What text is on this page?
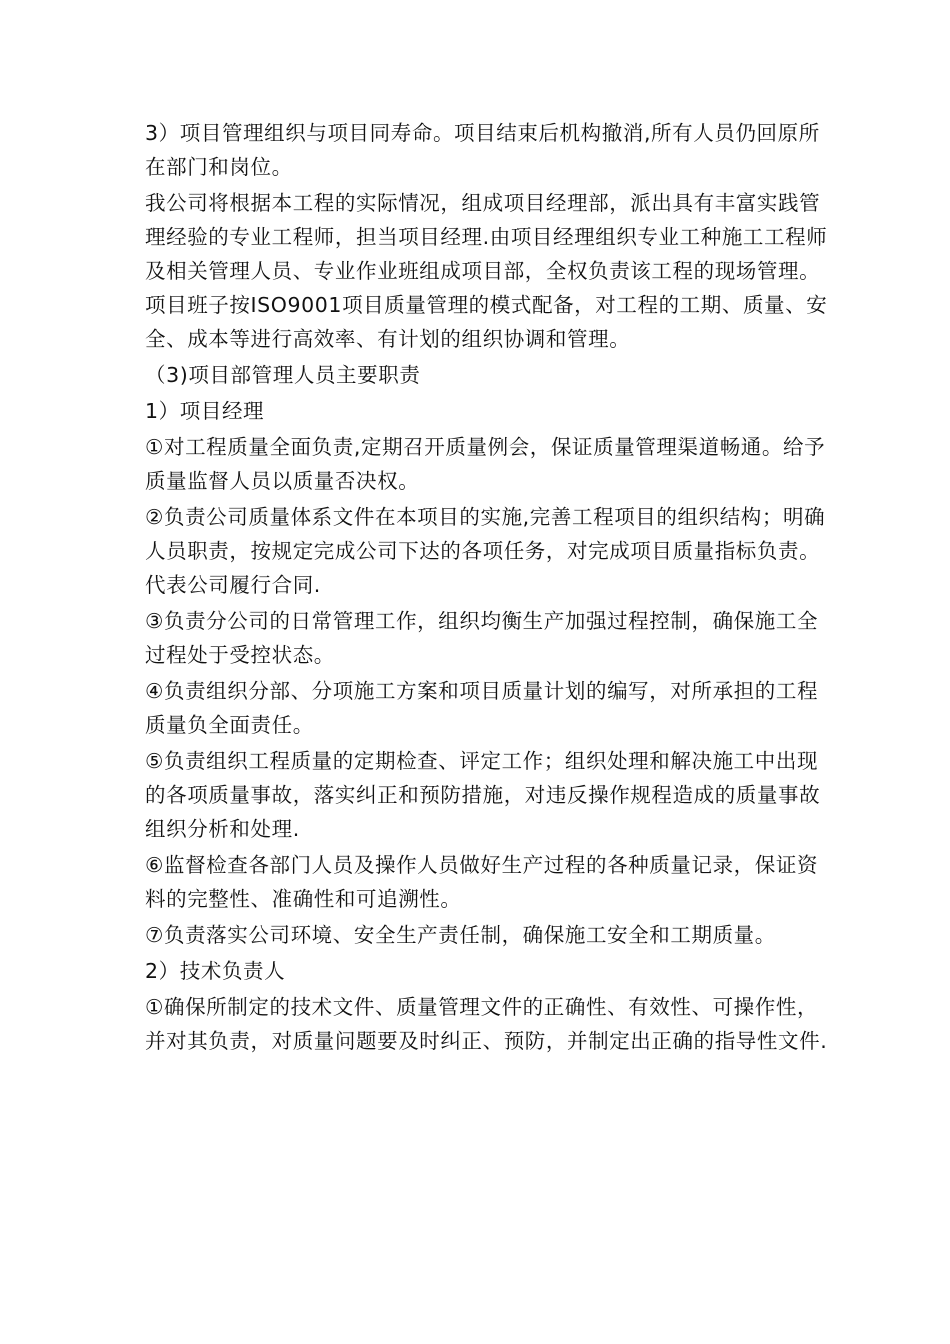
3）项目管理组织与项目同寿命。项目结束后机构撤消,所有人员仍回原所在部门和岗位。

我公司将根据本工程的实际情况，组成项目经理部，派出具有丰富实践管理经验的专业工程师，担当项目经理.由项目经理组织专业工种施工工程师及相关管理人员、专业作业班组成项目部，全权负责该工程的现场管理。项目班子按ISO9001项目质量管理的模式配备，对工程的工期、质量、安全、成本等进行高效率、有计划的组织协调和管理。

（3)项目部管理人员主要职责

1）项目经理

①对工程质量全面负责,定期召开质量例会，保证质量管理渠道畅通。给予质量监督人员以质量否决权。

②负责公司质量体系文件在本项目的实施,完善工程项目的组织结构；明确人员职责，按规定完成公司下达的各项任务，对完成项目质量指标负责。代表公司履行合同.

③负责分公司的日常管理工作，组织均衡生产加强过程控制，确保施工全过程处于受控状态。

④负责组织分部、分项施工方案和项目质量计划的编写，对所承担的工程质量负全面责任。

⑤负责组织工程质量的定期检查、评定工作；组织处理和解决施工中出现的各项质量事故，落实纠正和预防措施，对违反操作规程造成的质量事故组织分析和处理.

⑥监督检查各部门人员及操作人员做好生产过程的各种质量记录，保证资料的完整性、准确性和可追溯性。

⑦负责落实公司环境、安全生产责任制，确保施工安全和工期质量。

2）技术负责人

①确保所制定的技术文件、质量管理文件的正确性、有效性、可操作性，并对其负责，对质量问题要及时纠正、预防，并制定出正确的指导性文件.
